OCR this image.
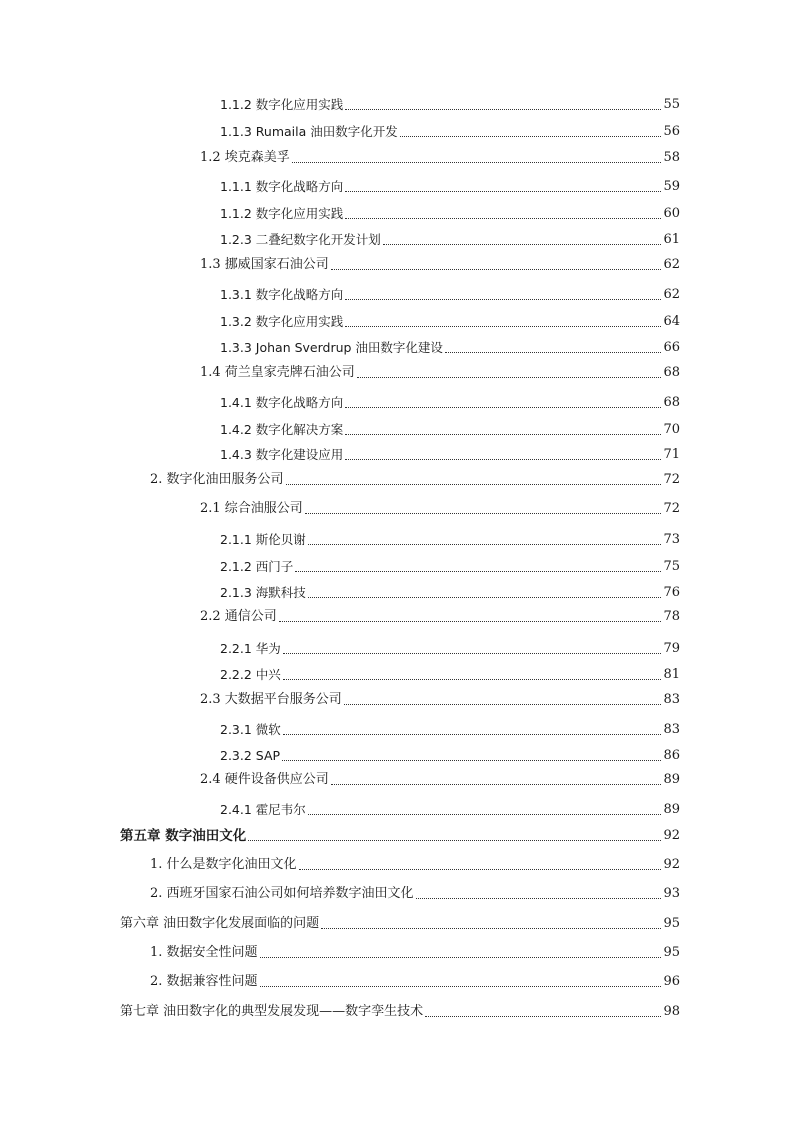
1.1.2 数字化应用实践	55
1.1.3 Rumaila 油田数字化开发	56
1.2 埃克森美孚	58
1.1.1 数字化战略方向	59
1.1.2 数字化应用实践	60
1.2.3 二叠纪数字化开发计划	61
1.3 挪威国家石油公司	62
1.3.1 数字化战略方向	62
1.3.2 数字化应用实践	64
1.3.3 Johan Sverdrup 油田数字化建设	66
1.4 荷兰皇家壳牌石油公司	68
1.4.1 数字化战略方向	68
1.4.2 数字化解决方案	70
1.4.3 数字化建设应用	71
2. 数字化油田服务公司	72
2.1 综合油服公司	72
2.1.1 斯伦贝谢	73
2.1.2 西门子	75
2.1.3 海默科技	76
2.2 通信公司	78
2.2.1 华为	79
2.2.2 中兴	81
2.3 大数据平台服务公司	83
2.3.1 微软	83
2.3.2 SAP	86
2.4 硬件设备供应公司	89
2.4.1 霍尼韦尔	89
第五章 数字油田文化	92
1. 什么是数字化油田文化	92
2. 西班牙国家石油公司如何培养数字油田文化	93
第六章 油田数字化发展面临的问题	95
1. 数据安全性问题	95
2. 数据兼容性问题	96
第七章 油田数字化的典型发展发现——数字孪生技术	98
